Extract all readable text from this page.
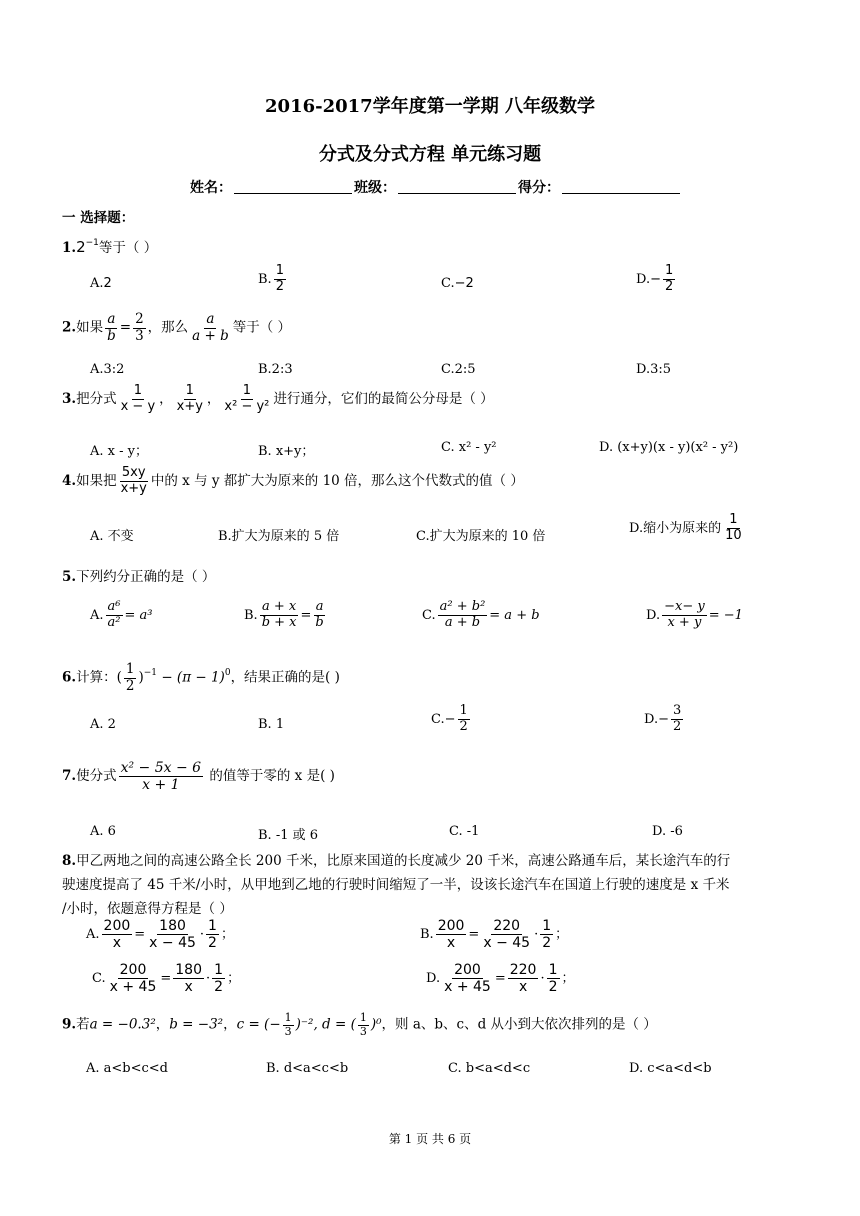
2016-2017学年度第一学期 八年级数学
分式及分式方程 单元练习题
姓名：	班级：	得分：
一 选择题：
$1.2^{-1}$等于（ ）
A.2	B. $\frac{1}{2}$	C.−2	$D.- \frac{1}{2}$
2.如果 $\frac{a}{b} = \frac{2}{3}$ ，那么 $\frac{a}{a + b}$ 等于（ ）
A.3:2	B.2:3	C.2:5	D.3:5
3.把分式 $\frac{1}{x - y}$ ， $\frac{1}{x+y}$ ， $\frac{1}{\text{x² − y²}}$ 进行通分，它们的最简公分母是（ ）
A. x - y；	B. x+y；	C. x² - y²	D. (x+y)(x - y)(x² - y²)
4.如果把 $\frac{5xy}{x+y}$ 中的 x 与 y 都扩大为原来的 10 倍，那么这个代数式的值（ ）
A. 不变	B.扩大为原来的 5 倍	C.扩大为原来的 10 倍
D.缩小为原来的 $\frac{1}{10}$
5.下列约分正确的是（ ）
A. $\frac{\text{a⁶}}{\text{a²}} = a^3$	B. $\frac{a + x}{b + x} = \frac{a}{b}$	C. $\frac{\text{a² + b²}}{a + b} = a + b$	D. $\frac{-x- y}{x + y} = -1$
6.计算：( $\frac{1}{2} )^{-1} - (\pi - 1)^0$，结果正确的是( )
A. 2	B. 1	$C.- \frac{1}{2}$	$D.- \frac{3}{2}$
7.使分式 $\frac{\text{x² − 5x − 6}}{x + 1}$ 的值等于零的 x 是( )
A. 6	B. -1 或 6	C. -1	D. -6
8.甲乙两地之间的高速公路全长 200 千米，比原来国道的长度减少 20 千米，高速公路通车后，某长途汽车的行
驶速度提高了 45 千米/小时，从甲地到乙地的行驶时间缩短了一半，设该长途汽车在国道上行驶的速度是 x 千米
/小时，依题意得方程是（ ）
A. $\frac{200}{x} = \frac{180}{x - 45} \cdot \frac{1}{2}$ ；	B. $\frac{200}{x} = \frac{220}{x - 45} \cdot \frac{1}{2}$ ；
C. $\frac{200}{x + 45} = \frac{180}{x} \cdot \frac{1}{2}$ ；	D. $\frac{200}{x + 45} = \frac{220}{x} \cdot \frac{1}{2}$ ；
9.若a = −0.3²，b = −3²，c = (− $\frac{1}{3} )^{-2}$, d = ( $\frac{1}{3} )^0$，则 a、b、c、d 从小到大依次排列的是（ ）
A. a<b<c<d	B. d<a<c<b	C. b<a<d<c	D. c<a<d<b
第 1 页 共 6 页
